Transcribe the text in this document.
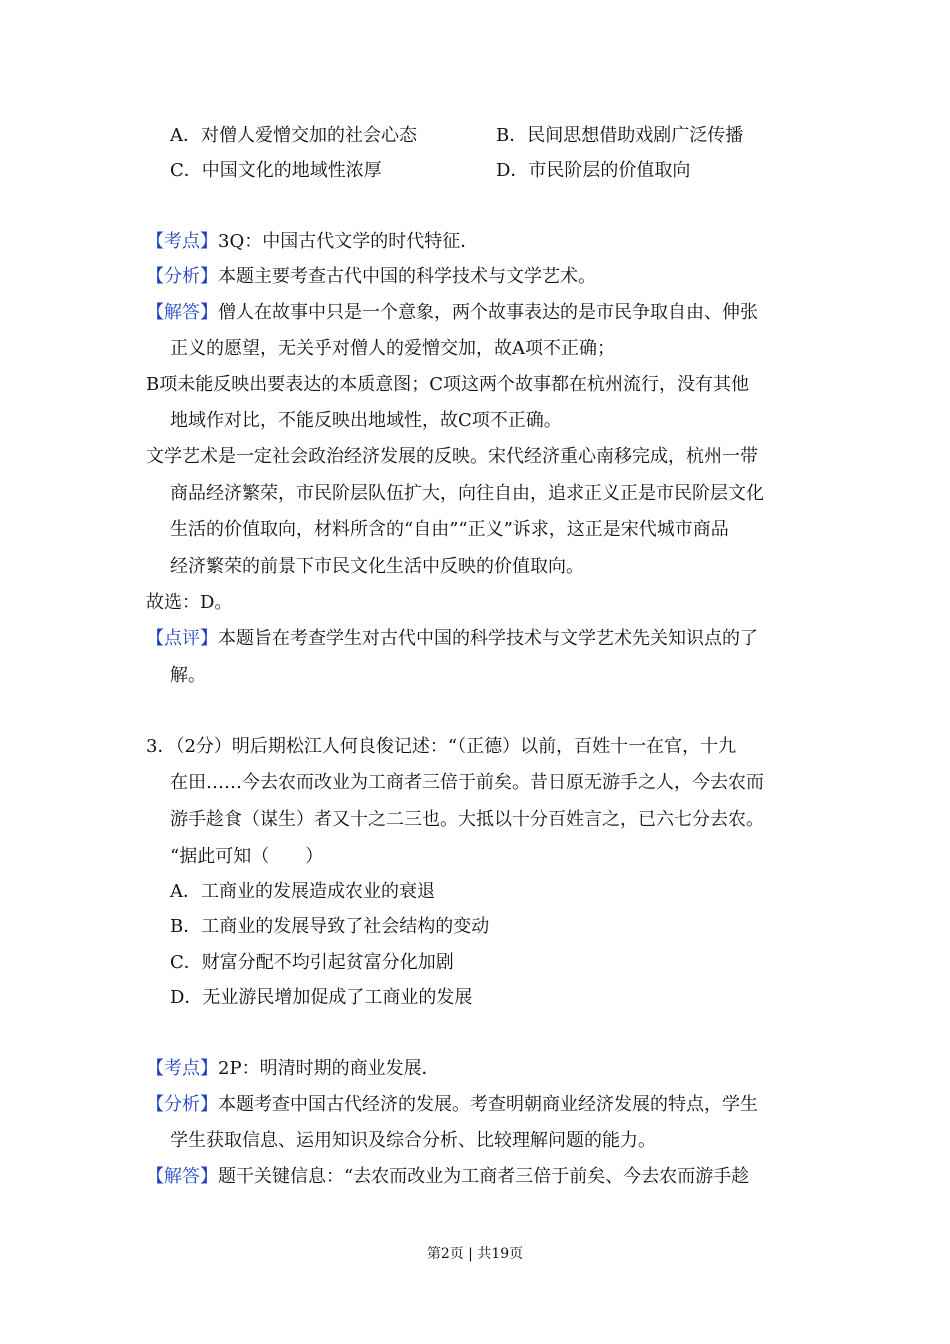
A．对僧人爱憎交加的社会心态	B．民间思想借助戏剧广泛传播
C．中国文化的地域性浓厚	D．市民阶层的价值取向
【考点】3Q：中国古代文学的时代特征．
【分析】本题主要考查古代中国的科学技术与文学艺术。
【解答】僧人在故事中只是一个意象，两个故事表达的是市民争取自由、伸张
正义的愿望，无关乎对僧人的爱憎交加，故A项不正确；
B项未能反映出要表达的本质意图；C项这两个故事都在杭州流行，没有其他
地域作对比，不能反映出地域性，故C项不正确。
文学艺术是一定社会政治经济发展的反映。宋代经济重心南移完成，杭州一带
商品经济繁荣，市民阶层队伍扩大，向往自由，追求正义正是市民阶层文化
生活的价值取向，材料所含的“自由”“正义”诉求，这正是宋代城市商品
经济繁荣的前景下市民文化生活中反映的价值取向。
故选：D。
【点评】本题旨在考查学生对古代中国的科学技术与文学艺术先关知识点的了
解。
3．（2分）明后期松江人何良俊记述：“（正德）以前，百姓十一在官，十九
在田……今去农而改业为工商者三倍于前矣。昔日原无游手之人，今去农而
游手趁食（谋生）者又十之二三也。大抵以十分百姓言之，已六七分去农。
“据此可知（　　）
A．工商业的发展造成农业的衰退
B．工商业的发展导致了社会结构的变动
C．财富分配不均引起贫富分化加剧
D．无业游民增加促成了工商业的发展
【考点】2P：明清时期的商业发展．
【分析】本题考查中国古代经济的发展。考查明朝商业经济发展的特点，学生
学生获取信息、运用知识及综合分析、比较理解问题的能力。
【解答】题干关键信息：“去农而改业为工商者三倍于前矣、今去农而游手趁
第2页 | 共19页
